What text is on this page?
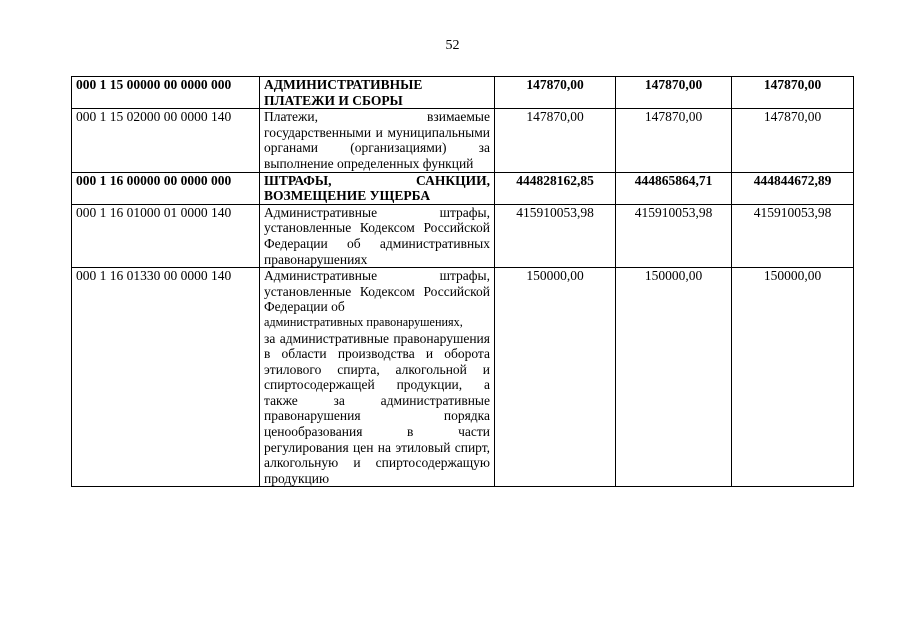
52
000 1 15 00000 00 0000 000	АДМИНИСТРАТИВНЫЕ ПЛАТЕЖИ И СБОРЫ	147870,00	147870,00	147870,00
000 1 15 02000 00 0000 140	Платежи, взимаемые государственными и муниципальными органами (организациями) за выполнение определенных функций	147870,00	147870,00	147870,00
000 1 16 00000 00 0000 000	ШТРАФЫ, САНКЦИИ, ВОЗМЕЩЕНИЕ УЩЕРБА	444828162,85	444865864,71	444844672,89
000 1 16 01000 01 0000 140	Административные штрафы, установленные Кодексом Российской Федерации об административных правонарушениях	415910053,98	415910053,98	415910053,98
000 1 16 01330 00 0000 140	Административные штрафы, установленные Кодексом Российской Федерации об
административных правонарушениях,
за административные правонарушения в области производства и оборота этилового спирта, алкогольной и спиртосодержащей продукции, а также за административные правонарушения порядка ценообразования в части регулирования цен на этиловый спирт, алкогольную и спиртосодержащую продукцию	150000,00	150000,00	150000,00
